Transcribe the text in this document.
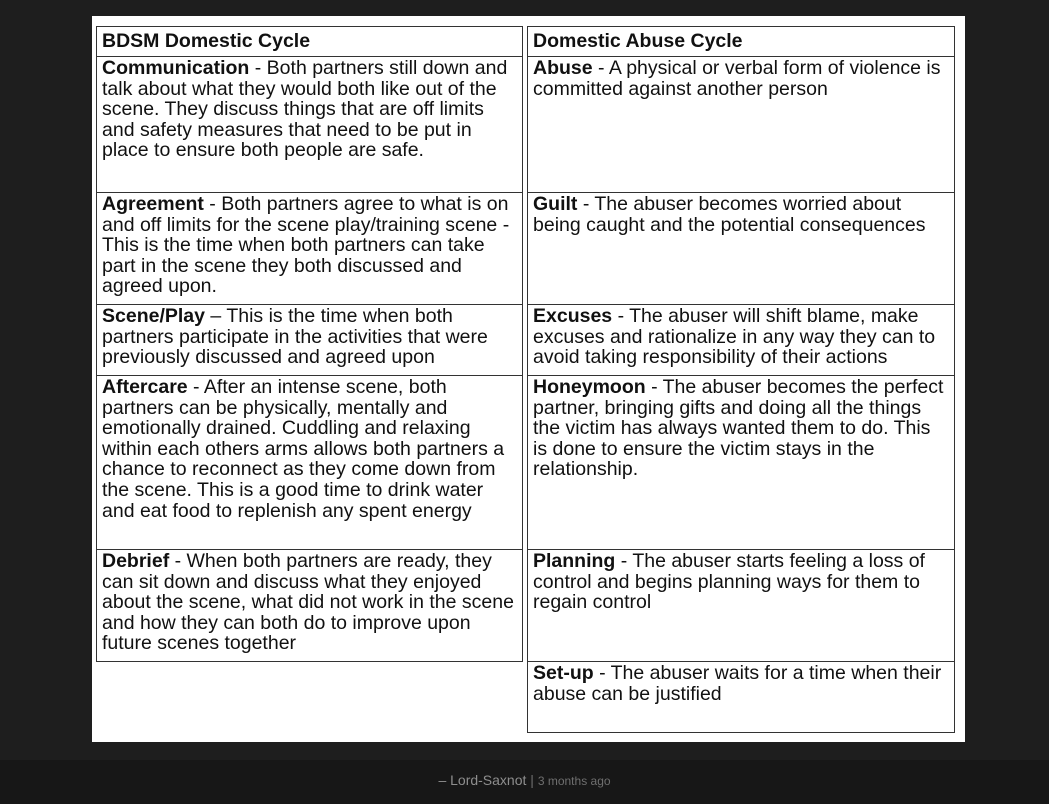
BDSM Domestic Cycle	Domestic Abuse Cycle
Communication - Both partners still down and talk about what they would both like out of the scene. They discuss things that are off limits and safety measures that need to be put in place to ensure both people are safe.
Agreement - Both partners agree to what is on and off limits for the scene play/training scene - This is the time when both partners can take part in the scene they both discussed and agreed upon.
Scene/Play – This is the time when both partners participate in the activities that were previously discussed and agreed upon
Aftercare - After an intense scene, both partners can be physically, mentally and emotionally drained. Cuddling and relaxing within each others arms allows both partners a chance to reconnect as they come down from the scene. This is a good time to drink water and eat food to replenish any spent energy
Debrief - When both partners are ready, they can sit down and discuss what they enjoyed about the scene, what did not work in the scene and how they can both do to improve upon future scenes together
Abuse - A physical or verbal form of violence is committed against another person
Guilt - The abuser becomes worried about being caught and the potential consequences
Excuses - The abuser will shift blame, make excuses and rationalize in any way they can to avoid taking responsibility of their actions
Honeymoon - The abuser becomes the perfect partner, bringing gifts and doing all the things the victim has always wanted them to do. This is done to ensure the victim stays in the relationship.
Planning - The abuser starts feeling a loss of control and begins planning ways for them to regain control
Set-up - The abuser waits for a time when their abuse can be justified
– Lord-Saxnot | 3 months ago
